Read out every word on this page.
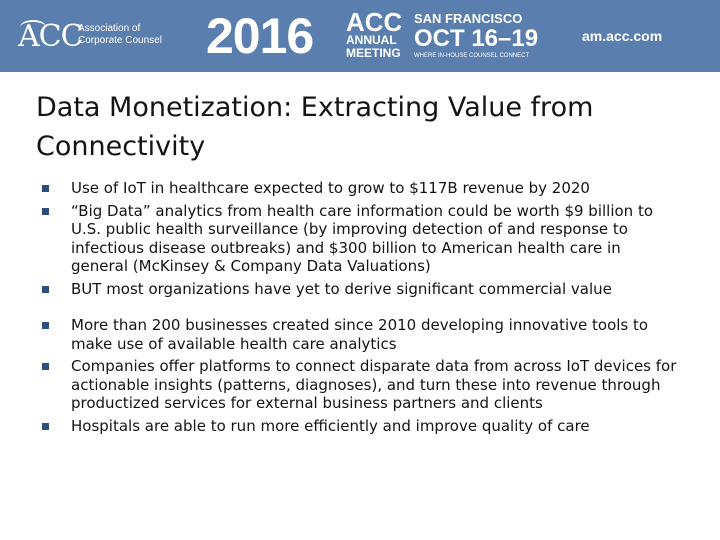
ACC
Association of
Corporate Counsel 2016 ACC
ANNUAL
MEETING
SAN FRANCISCO
OCT 16–19
WHERE IN-HOUSE COUNSEL CONNECT
am.acc.com
Data Monetization: Extracting Value from Connectivity
Use of IoT in healthcare expected to grow to $117B revenue by 2020
“Big Data” analytics from health care information could be worth $9 billion to U.S. public health surveillance (by improving detection of and response to infectious disease outbreaks) and $300 billion to American health care in general (McKinsey & Company Data Valuations)
BUT most organizations have yet to derive significant commercial value
More than 200 businesses created since 2010 developing innovative tools to make use of available health care analytics
Companies offer platforms to connect disparate data from across IoT devices for actionable insights (patterns, diagnoses), and turn these into revenue through productized services for external business partners and clients
Hospitals are able to run more efficiently and improve quality of care
